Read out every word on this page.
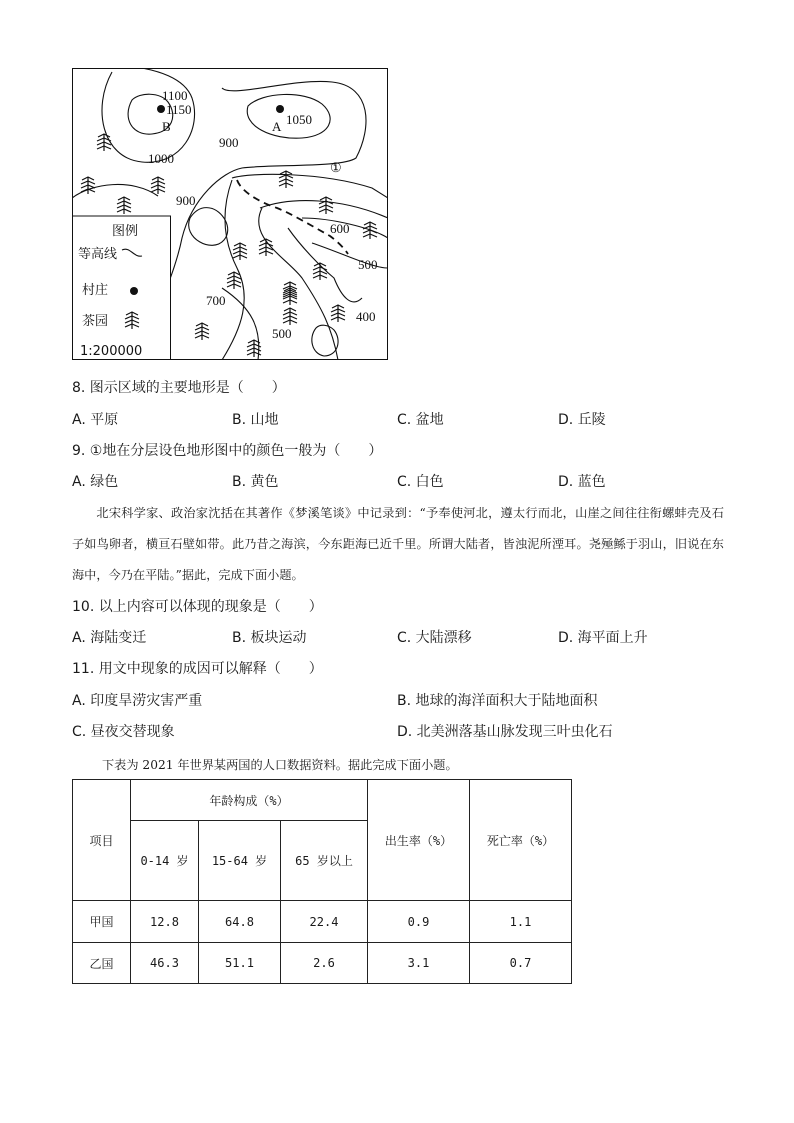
1100
1150
900
1000
1050
900
600
500
400
700
500
B	A
①
图例
等高线
村庄
茶园
1:200000
8. 图示区域的主要地形是（　　）
A. 平原	B. 山地	C. 盆地	D. 丘陵
9. ①地在分层设色地形图中的颜色一般为（　　）
A. 绿色	B. 黄色	C. 白色	D. 蓝色

北宋科学家、政治家沈括在其著作《梦溪笔谈》中记录到：“予奉使河北，遵太行而北，山崖之间往往衔螺蚌壳及石子如鸟卵者，横亘石壁如带。此乃昔之海滨，今东距海已近千里。所谓大陆者，皆浊泥所湮耳。尧殛鲧于羽山，旧说在东海中，今乃在平陆。”据此，完成下面小题。

10. 以上内容可以体现的现象是（　　）
A. 海陆变迁	B. 板块运动	C. 大陆漂移	D. 海平面上升
11. 用文中现象的成因可以解释（　　）
A. 印度旱涝灾害严重	B. 地球的海洋面积大于陆地面积
C. 昼夜交替现象	D. 北美洲落基山脉发现三叶虫化石
下表为 2021 年世界某两国的人口数据资料。据此完成下面小题。
项目	年龄构成（%）			出生率（%）	死亡率（%）
	0-14 岁	15-64 岁	65 岁以上		
甲国	12.8	64.8	22.4	0.9	1.1
乙国	46.3	51.1	2.6	3.1	0.7
